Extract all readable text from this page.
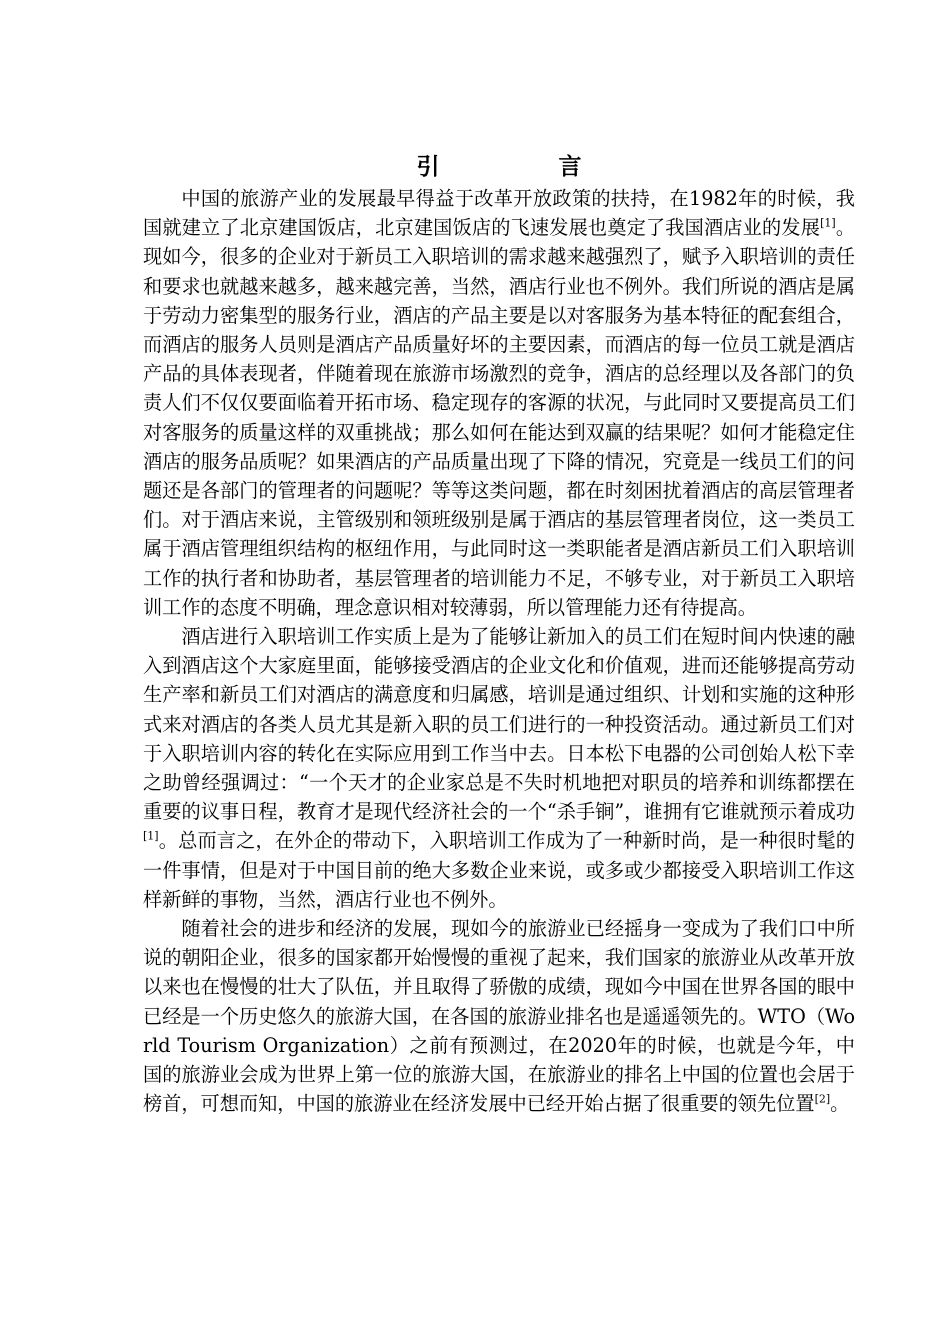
引　言

中国的旅游产业的发展最早得益于改革开放政策的扶持，在1982年的时候，我国就建立了北京建国饭店，北京建国饭店的飞速发展也奠定了我国酒店业的发展[1]。现如今，很多的企业对于新员工入职培训的需求越来越强烈了，赋予入职培训的责任和要求也就越来越多，越来越完善，当然，酒店行业也不例外。我们所说的酒店是属于劳动力密集型的服务行业，酒店的产品主要是以对客服务为基本特征的配套组合，而酒店的服务人员则是酒店产品质量好坏的主要因素，而酒店的每一位员工就是酒店产品的具体表现者，伴随着现在旅游市场激烈的竞争，酒店的总经理以及各部门的负责人们不仅仅要面临着开拓市场、稳定现存的客源的状况，与此同时又要提高员工们对客服务的质量这样的双重挑战；那么如何在能达到双赢的结果呢？如何才能稳定住酒店的服务品质呢？如果酒店的产品质量出现了下降的情况，究竟是一线员工们的问题还是各部门的管理者的问题呢？等等这类问题，都在时刻困扰着酒店的高层管理者们。对于酒店来说，主管级别和领班级别是属于酒店的基层管理者岗位，这一类员工属于酒店管理组织结构的枢纽作用，与此同时这一类职能者是酒店新员工们入职培训工作的执行者和协助者，基层管理者的培训能力不足，不够专业，对于新员工入职培训工作的态度不明确，理念意识相对较薄弱，所以管理能力还有待提高。

酒店进行入职培训工作实质上是为了能够让新加入的员工们在短时间内快速的融入到酒店这个大家庭里面，能够接受酒店的企业文化和价值观，进而还能够提高劳动生产率和新员工们对酒店的满意度和归属感，培训是通过组织、计划和实施的这种形式来对酒店的各类人员尤其是新入职的员工们进行的一种投资活动。通过新员工们对于入职培训内容的转化在实际应用到工作当中去。日本松下电器的公司创始人松下幸之助曾经强调过：“一个天才的企业家总是不失时机地把对职员的培养和训练都摆在重要的议事日程，教育才是现代经济社会的一个“杀手锏”，谁拥有它谁就预示着成功[1]。总而言之，在外企的带动下，入职培训工作成为了一种新时尚，是一种很时髦的一件事情，但是对于中国目前的绝大多数企业来说，或多或少都接受入职培训工作这样新鲜的事物，当然，酒店行业也不例外。

随着社会的进步和经济的发展，现如今的旅游业已经摇身一变成为了我们口中所说的朝阳企业，很多的国家都开始慢慢的重视了起来，我们国家的旅游业从改革开放以来也在慢慢的壮大了队伍，并且取得了骄傲的成绩，现如今中国在世界各国的眼中已经是一个历史悠久的旅游大国，在各国的旅游业排名也是遥遥领先的。WTO（World Tourism Organization）之前有预测过，在2020年的时候，也就是今年，中国的旅游业会成为世界上第一位的旅游大国，在旅游业的排名上中国的位置也会居于榜首，可想而知，中国的旅游业在经济发展中已经开始占据了很重要的领先位置[2]。
